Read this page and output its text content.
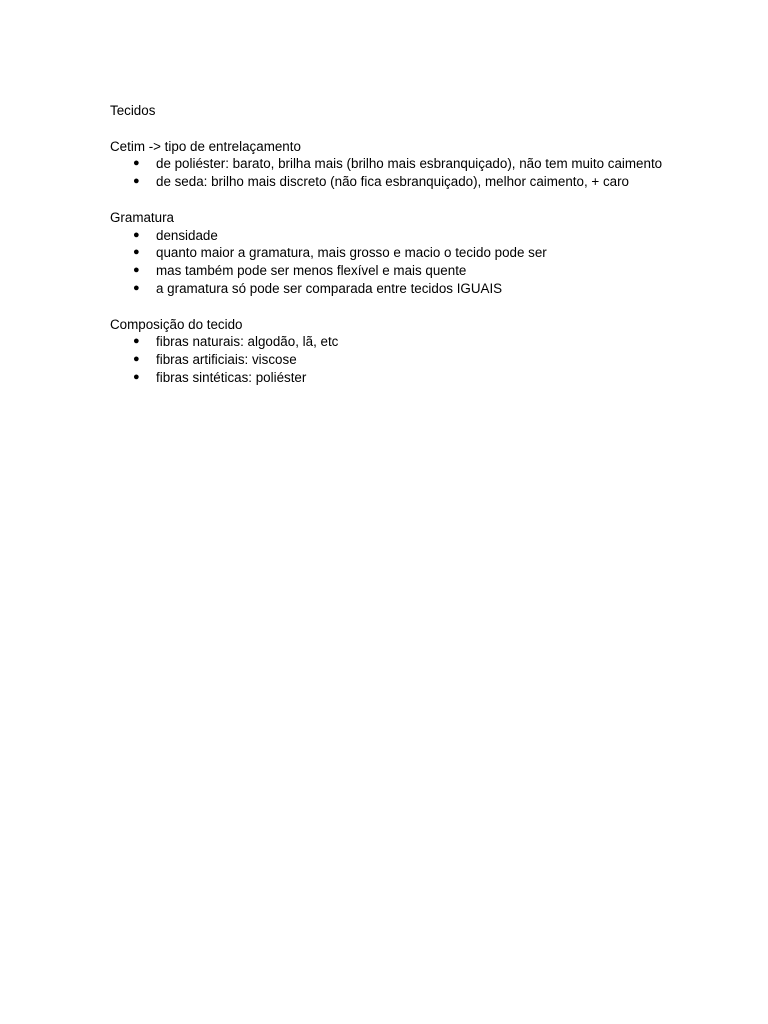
Tecidos

Cetim -> tipo de entrelaçamento

● de poliéster: barato, brilha mais (brilho mais esbranquiçado), não tem muito caimento
● de seda: brilho mais discreto (não fica esbranquiçado), melhor caimento, + caro

Gramatura

● densidade
● quanto maior a gramatura, mais grosso e macio o tecido pode ser
● mas também pode ser menos flexível e mais quente
● a gramatura só pode ser comparada entre tecidos IGUAIS

Composição do tecido

● fibras naturais: algodão, lã, etc
● fibras artificiais: viscose
● fibras sintéticas: poliéster
